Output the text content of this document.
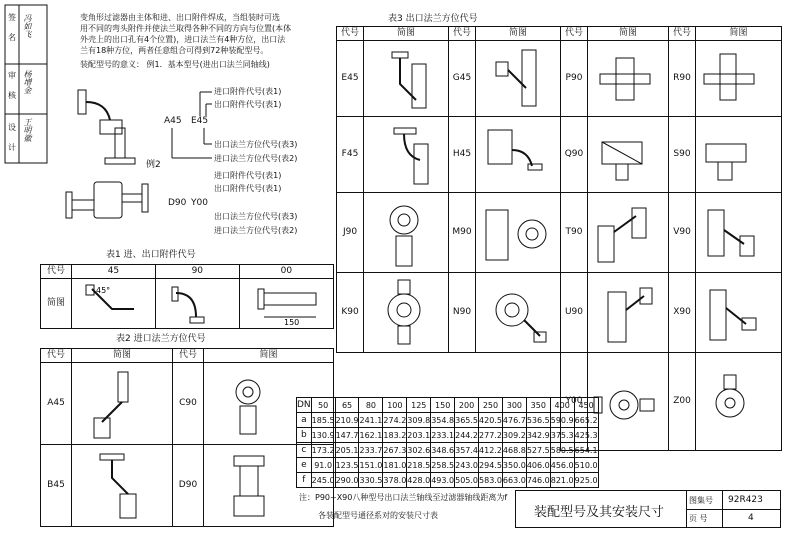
签
名
审
核
设
计
冯如飞
杨增金
王明徽
变角形过滤器由主体和进、出口附件焊成，当组装时可选
用不同的弯头附件并使法兰取得各种不同的方向与位置(本体
外壳上的出口孔有4个位置)，进口法兰有4种方位，出口法
兰有18种方位，两者任意组合可得到72种装配型号。
装配型号的意义： 例1．基本型号(进出口法兰同轴线)
A45 E45
进口附件代号(表1)
出口附件代号(表1)
出口法兰方位代号(表3)
进口法兰方位代号(表2)
例2
D90 Y00
进口附件代号(表1)
出口附件代号(表1)
出口法兰方位代号(表3)
进口法兰方位代号(表2)
表1 进、出口附件代号
代号	45	90	00
简图	45°		150
表2 进口法兰方位代号
代号	简图	代号	简图
A45		C90	

B45		D90	
表3 出口法兰方位代号
代号	简图	代号	简图	代号	简图	代号	简图
E45		G45		P90		R90	

F45		H45		Q90		S90	

J90		M90		T90		V90	

K90		N90		U90		X90	

				Y00		Z00	
DN	50	65	80	100	125	150	200	250	300	350	400	450
a	185.5	210.9	241.1	274.2	309.8	354.8	365.5	420.5	476.7	536.5	590.9	665.2
b	130.9	147.7	162.1	183.2	203.1	233.1	244.2	277.2	309.2	342.9	375.3	425.3
c	173.2	205.1	233.7	267.3	302.6	348.6	357.4	412.2	468.8	527.5	580.5	654.1
e	91.0	123.5	151.0	181.0	218.5	258.5	243.0	294.5	350.0	406.0	456.0	510.0
f	245.0	290.0	330.5	378.0	428.0	493.0	505.0	583.0	663.0	746.0	821.0	925.0
注：P90~X90八种型号出口法兰轴线至过滤器轴线距离为f
各装配型号通径系对的安装尺寸表	装配型号及其安装尺寸
图集号 92R423
页 号	4
